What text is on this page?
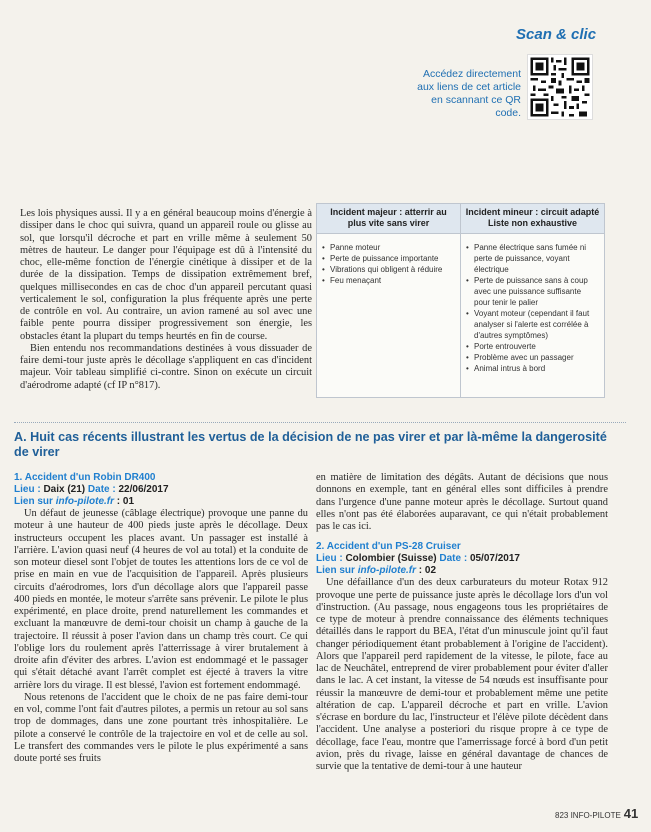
Scan & clic
Accédez directement aux liens de cet article en scannant ce QR code.

Les lois physiques aussi. Il y a en général beaucoup moins d'énergie à dissiper dans le choc qui suivra, quand un appareil roule ou glisse au sol, que lorsqu'il décroche et part en vrille même à seulement 50 mètres de hauteur. Le danger pour l'équipage est dû à l'intensité du choc, elle-même fonction de l'énergie cinétique à dissiper et de la durée de la dissipation. Temps de dissipation extrêmement bref, quelques millisecondes en cas de choc d'un appareil percutant quasi verticalement le sol, configuration la plus fréquente après une perte de contrôle en vol. Au contraire, un avion ramené au sol avec une faible pente pourra dissiper progressivement son énergie, les obstacles étant la plupart du temps heurtés en fin de course.

Bien entendu nos recommandations destinées à vous dissuader de faire demi-tour juste après le décollage s'appliquent en cas d'incident majeur. Voir tableau simplifié ci-contre. Sinon on exécute un circuit d'aérodrome adapté (cf IP n°817).

Incident majeur : atterrir au plus vite sans virer
Incident mineur : circuit adapté Liste non exhaustive
• Panne moteur
• Perte de puissance importante
• Vibrations qui obligent à réduire
• Feu menaçant
• Panne électrique sans fumée ni perte de puissance, voyant électrique
• Perte de puissance sans à coup avec une puissance suffisante pour tenir le palier
• Voyant moteur (cependant il faut analyser si l'alerte est corrélée à d'autres symptômes)
• Porte entrouverte
• Problème avec un passager
• Animal intrus à bord
A. Huit cas récents illustrant les vertus de la décision de ne pas virer et par là-même la dangerosité de virer
1. Accident d'un Robin DR400
Lieu : Daix (21) Date : 22/06/2017
Lien sur info-pilote.fr : 01

Un défaut de jeunesse (câblage électrique) provoque une panne du moteur à une hauteur de 400 pieds juste après le décollage. Deux instructeurs occupent les places avant. Un passager est installé à l'arrière. L'avion quasi neuf (4 heures de vol au total) et la conduite de son moteur diesel sont l'objet de toutes les attentions lors de ce vol de prise en main en vue de l'acquisition de l'appareil. Après plusieurs circuits d'aérodromes, lors d'un décollage alors que l'appareil passe 400 pieds en montée, le moteur s'arrête sans prévenir. Le pilote le plus expérimenté, en place droite, prend naturellement les commandes et excluant la manœuvre de demi-tour choisit un champ à gauche de la trajectoire. Il réussit à poser l'avion dans un champ très court. Ce qui l'oblige lors du roulement après l'atterrissage à virer brutalement à droite afin d'éviter des arbres. L'avion est endommagé et le passager qui s'était détaché avant l'arrêt complet est éjecté à travers la vitre arrière lors du virage. Il est blessé, l'avion est fortement endommagé.

Nous retenons de l'accident que le choix de ne pas faire demi-tour en vol, comme l'ont fait d'autres pilotes, a permis un retour au sol sans trop de dommages, dans une zone pourtant très inhospitalière. Le pilote a conservé le contrôle de la trajectoire en vol et de celle au sol. Le transfert des commandes vers le pilote le plus expérimenté a sans doute porté ses fruits

en matière de limitation des dégâts. Autant de décisions que nous donnons en exemple, tant en général elles sont difficiles à prendre dans l'urgence d'une panne moteur après le décollage. Surtout quand elles n'ont pas été élaborées auparavant, ce qui n'était probablement pas le cas ici.

2. Accident d'un PS-28 Cruiser
Lieu : Colombier (Suisse) Date : 05/07/2017
Lien sur info-pilote.fr : 02

Une défaillance d'un des deux carburateurs du moteur Rotax 912 provoque une perte de puissance juste après le décollage lors d'un vol d'instruction. (Au passage, nous engageons tous les propriétaires de ce type de moteur à prendre connaissance des éléments techniques détaillés dans le rapport du BEA, l'état d'un minuscule joint qu'il faut changer périodiquement étant probablement à l'origine de l'accident). Alors que l'appareil perd rapidement de la vitesse, le pilote, face au lac de Neuchâtel, entreprend de virer probablement pour éviter d'aller dans le lac. A cet instant, la vitesse de 54 nœuds est insuffisante pour réussir la manœuvre de demi-tour et probablement même une petite altération de cap. L'appareil décroche et part en vrille. L'avion s'écrase en bordure du lac, l'instructeur et l'élève pilote décèdent dans l'accident. Une analyse a posteriori du risque propre à ce type de décollage, face l'eau, montre que l'amerrissage forcé à bord d'un petit avion, près du rivage, laisse en général davantage de chances de survie que la tentative de demi-tour à une hauteur

823 INFO-PILOTE 41
